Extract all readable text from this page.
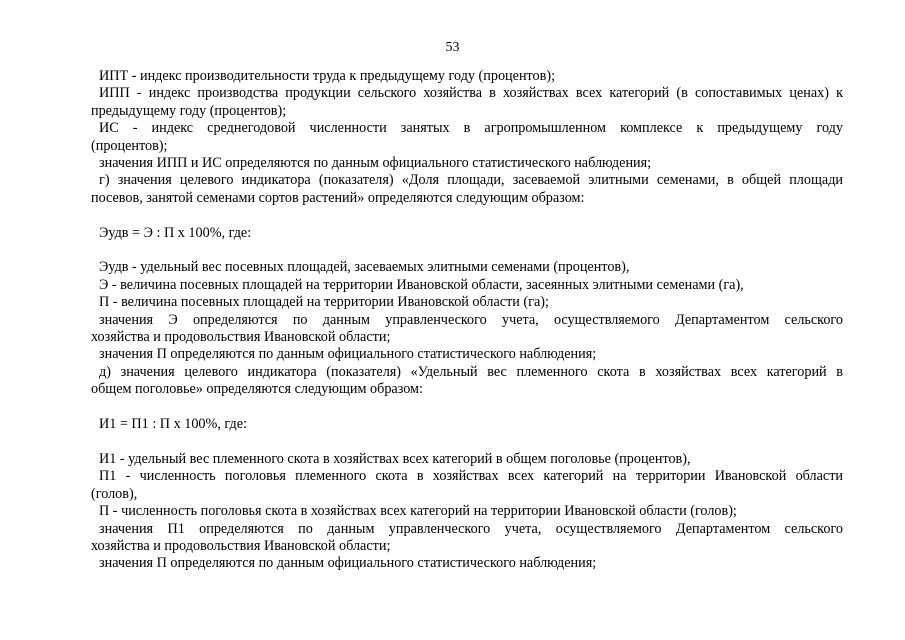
53
ИПТ - индекс производительности труда к предыдущему году (процентов);
ИПП - индекс производства продукции сельского хозяйства в хозяйствах всех категорий (в сопоставимых ценах) к
предыдущему году (процентов);
ИС - индекс среднегодовой численности занятых в агропромышленном комплексе к предыдущему году
(процентов);
значения ИПП и ИС определяются по данным официального статистического наблюдения;
г) значения целевого индикатора (показателя) «Доля площади, засеваемой элитными семенами, в общей площади
посевов, занятой семенами сортов растений» определяются следующим образом:
Эудв = Э : П х 100%, где:
Эудв - удельный вес посевных площадей, засеваемых элитными семенами (процентов),
Э - величина посевных площадей на территории Ивановской области, засеянных элитными семенами (га),
П - величина посевных площадей на территории Ивановской области (га);
значения Э определяются по данным управленческого учета, осуществляемого Департаментом сельского
хозяйства и продовольствия Ивановской области;
значения П определяются по данным официального статистического наблюдения;
д) значения целевого индикатора (показателя) «Удельный вес племенного скота в хозяйствах всех категорий в
общем поголовье» определяются следующим образом:
И1 = П1 : П х 100%, где:
И1 - удельный вес племенного скота в хозяйствах всех категорий в общем поголовье (процентов),
П1 - численность поголовья племенного скота в хозяйствах всех категорий на территории Ивановской области
(голов),
П - численность поголовья скота в хозяйствах всех категорий на территории Ивановской области (голов);
значения П1 определяются по данным управленческого учета, осуществляемого Департаментом сельского
хозяйства и продовольствия Ивановской области;
значения П определяются по данным официального статистического наблюдения;
